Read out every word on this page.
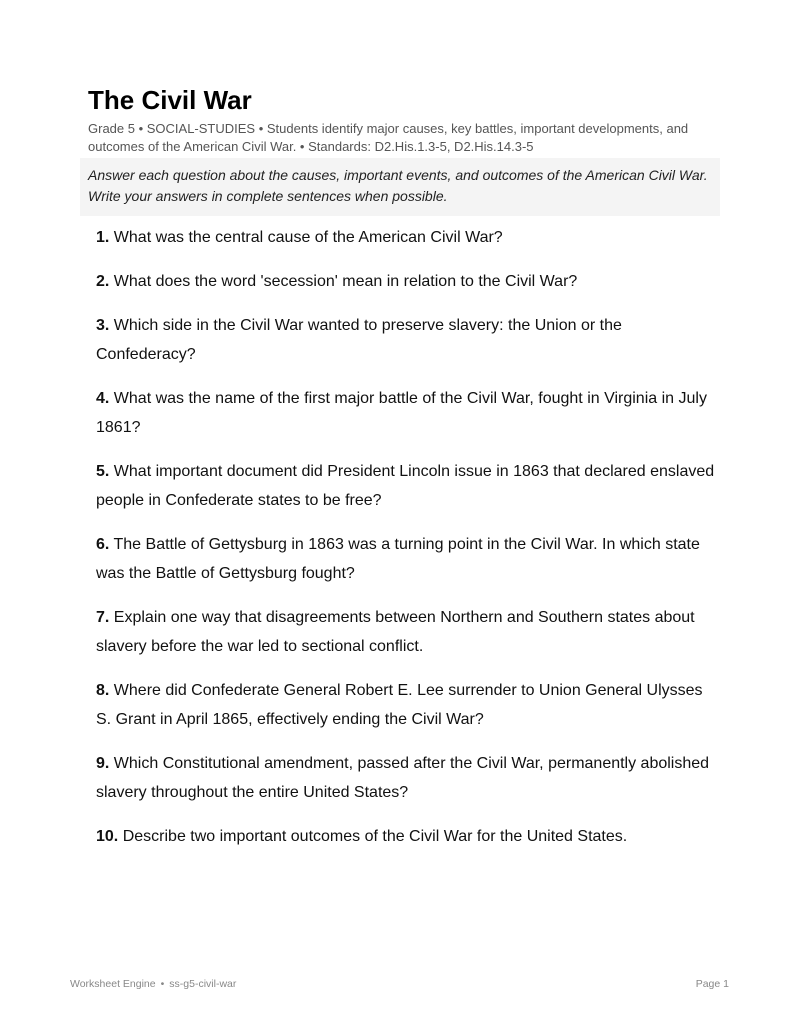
The Civil War
Grade 5 • SOCIAL-STUDIES • Students identify major causes, key battles, important developments, and outcomes of the American Civil War. • Standards: D2.His.1.3-5, D2.His.14.3-5
Answer each question about the causes, important events, and outcomes of the American Civil War. Write your answers in complete sentences when possible.
1. What was the central cause of the American Civil War?
2. What does the word 'secession' mean in relation to the Civil War?
3. Which side in the Civil War wanted to preserve slavery: the Union or the Confederacy?
4. What was the name of the first major battle of the Civil War, fought in Virginia in July 1861?
5. What important document did President Lincoln issue in 1863 that declared enslaved people in Confederate states to be free?
6. The Battle of Gettysburg in 1863 was a turning point in the Civil War. In which state was the Battle of Gettysburg fought?
7. Explain one way that disagreements between Northern and Southern states about slavery before the war led to sectional conflict.
8. Where did Confederate General Robert E. Lee surrender to Union General Ulysses S. Grant in April 1865, effectively ending the Civil War?
9. Which Constitutional amendment, passed after the Civil War, permanently abolished slavery throughout the entire United States?
10. Describe two important outcomes of the Civil War for the United States.
Worksheet Engine • ss-g5-civil-war	Page 1
